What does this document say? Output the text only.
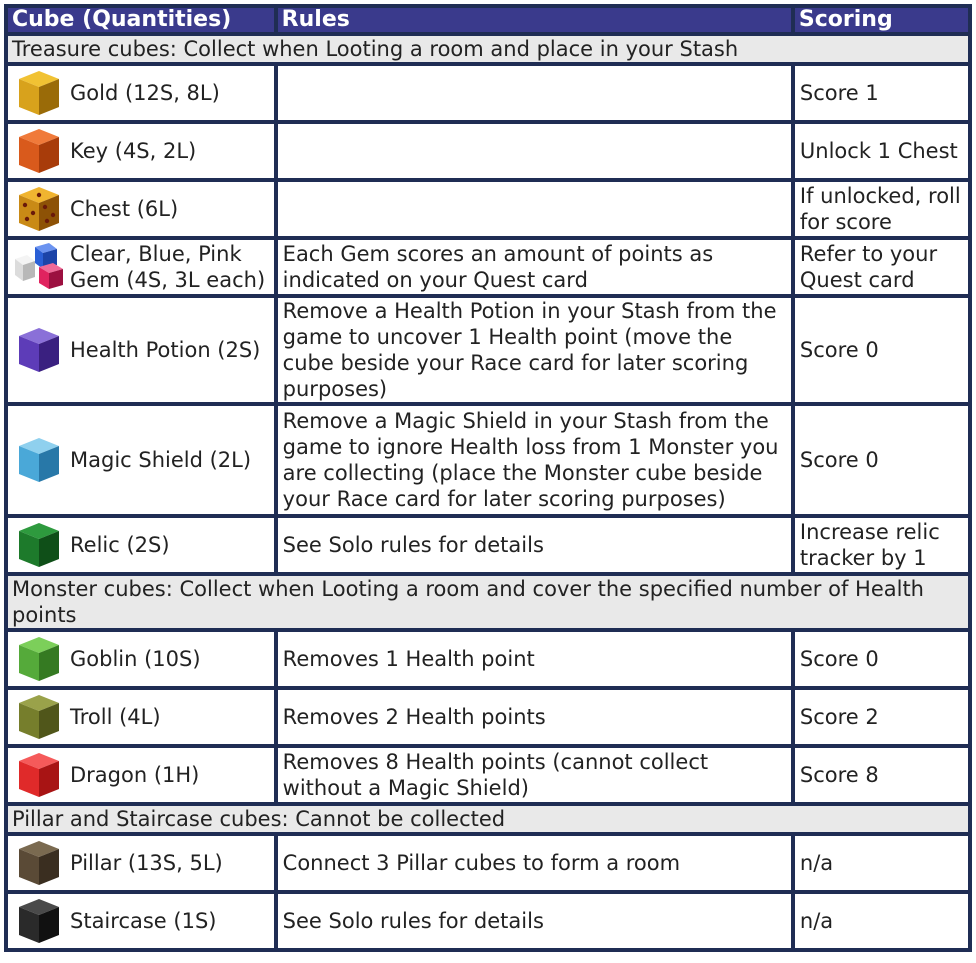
Cube (Quantities)	Rules	Scoring
Treasure cubes: Collect when Looting a room and place in your Stash		

Gold (12S, 8L)		Score 1

Key (4S, 2L)		Unlock 1 Chest

Chest (6L)		If unlocked, roll for score

Clear, Blue, Pink Gem (4S, 3L each)	Each Gem scores an amount of points as indicated on your Quest card	Refer to your Quest card

Health Potion (2S)	Remove a Health Potion in your Stash from the game to uncover 1 Health point (move the cube beside your Race card for later scoring purposes)	Score 0

Magic Shield (2L)	Remove a Magic Shield in your Stash from the game to ignore Health loss from 1 Monster you are collecting (place the Monster cube beside your Race card for later scoring purposes)	Score 0

Relic (2S)	See Solo rules for details	Increase relic tracker by 1
Monster cubes: Collect when Looting a room and cover the specified number of Health points		

Goblin (10S)	Removes 1 Health point	Score 0

Troll (4L)	Removes 2 Health points	Score 2

Dragon (1H)	Removes 8 Health points (cannot collect without a Magic Shield)	Score 8
Pillar and Staircase cubes: Cannot be collected		

Pillar (13S, 5L)	Connect 3 Pillar cubes to form a room	n/a

Staircase (1S)	See Solo rules for details	n/a
